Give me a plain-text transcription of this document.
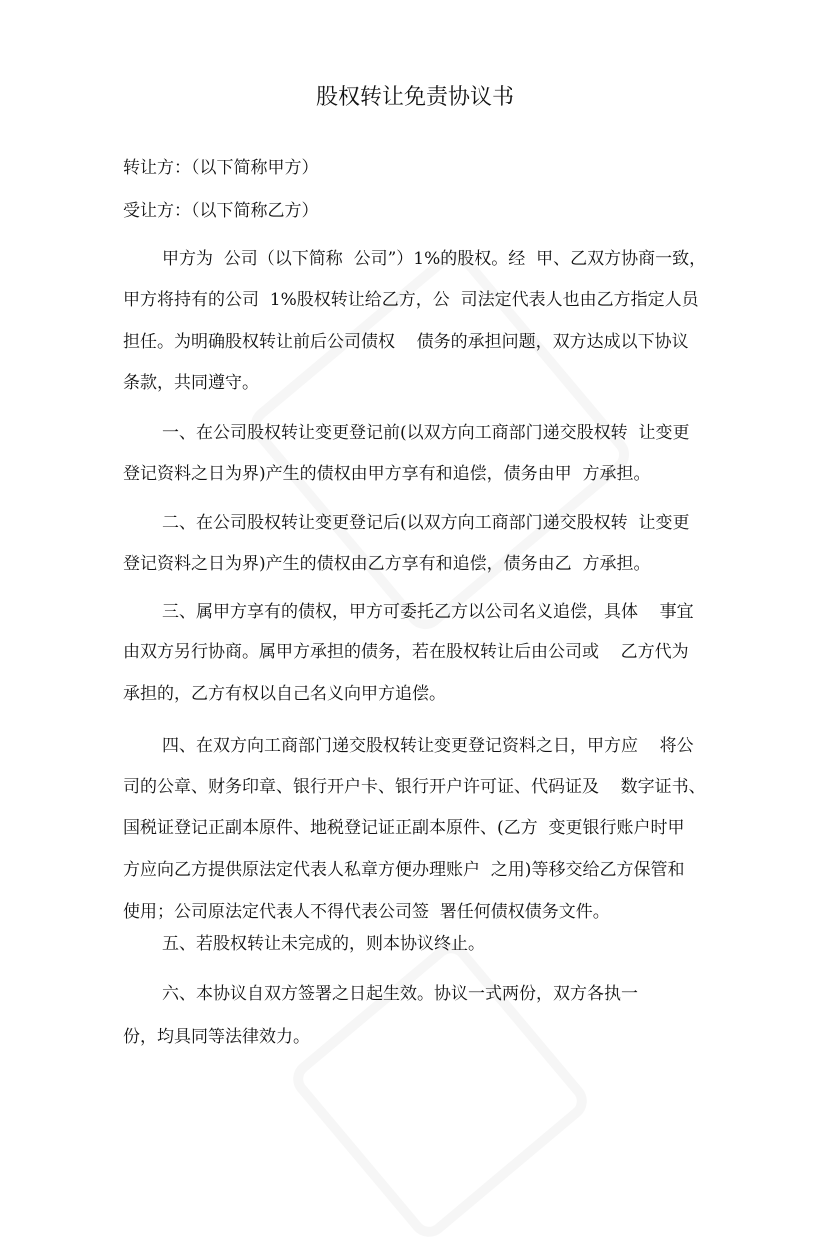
股权转让免责协议书
转让方：（以下简称甲方）
受让方：（以下简称乙方）
甲方为  公司（以下简称  公司”）1%的股权。经  甲、乙双方协商一致，
甲方将持有的公司  1%股权转让给乙方，公  司法定代表人也由乙方指定人员
担任。为明确股权转让前后公司债权    债务的承担问题，双方达成以下协议
条款，共同遵守。
一、在公司股权转让变更登记前(以双方向工商部门递交股权转  让变更
登记资料之日为界)产生的债权由甲方享有和追偿，债务由甲  方承担。
二、在公司股权转让变更登记后(以双方向工商部门递交股权转  让变更
登记资料之日为界)产生的债权由乙方享有和追偿，债务由乙  方承担。
三、属甲方享有的债权，甲方可委托乙方以公司名义追偿，具体    事宜
由双方另行协商。属甲方承担的债务，若在股权转让后由公司或    乙方代为
承担的，乙方有权以自己名义向甲方追偿。
四、在双方向工商部门递交股权转让变更登记资料之日，甲方应    将公
司的公章、财务印章、银行开户卡、银行开户许可证、代码证及    数字证书、
国税证登记正副本原件、地税登记证正副本原件、(乙方  变更银行账户时甲
方应向乙方提供原法定代表人私章方便办理账户  之用)等移交给乙方保管和
使用；公司原法定代表人不得代表公司签  署任何债权债务文件。
五、若股权转让未完成的，则本协议终止。
六、本协议自双方签署之日起生效。协议一式两份，双方各执一
份，均具同等法律效力。
